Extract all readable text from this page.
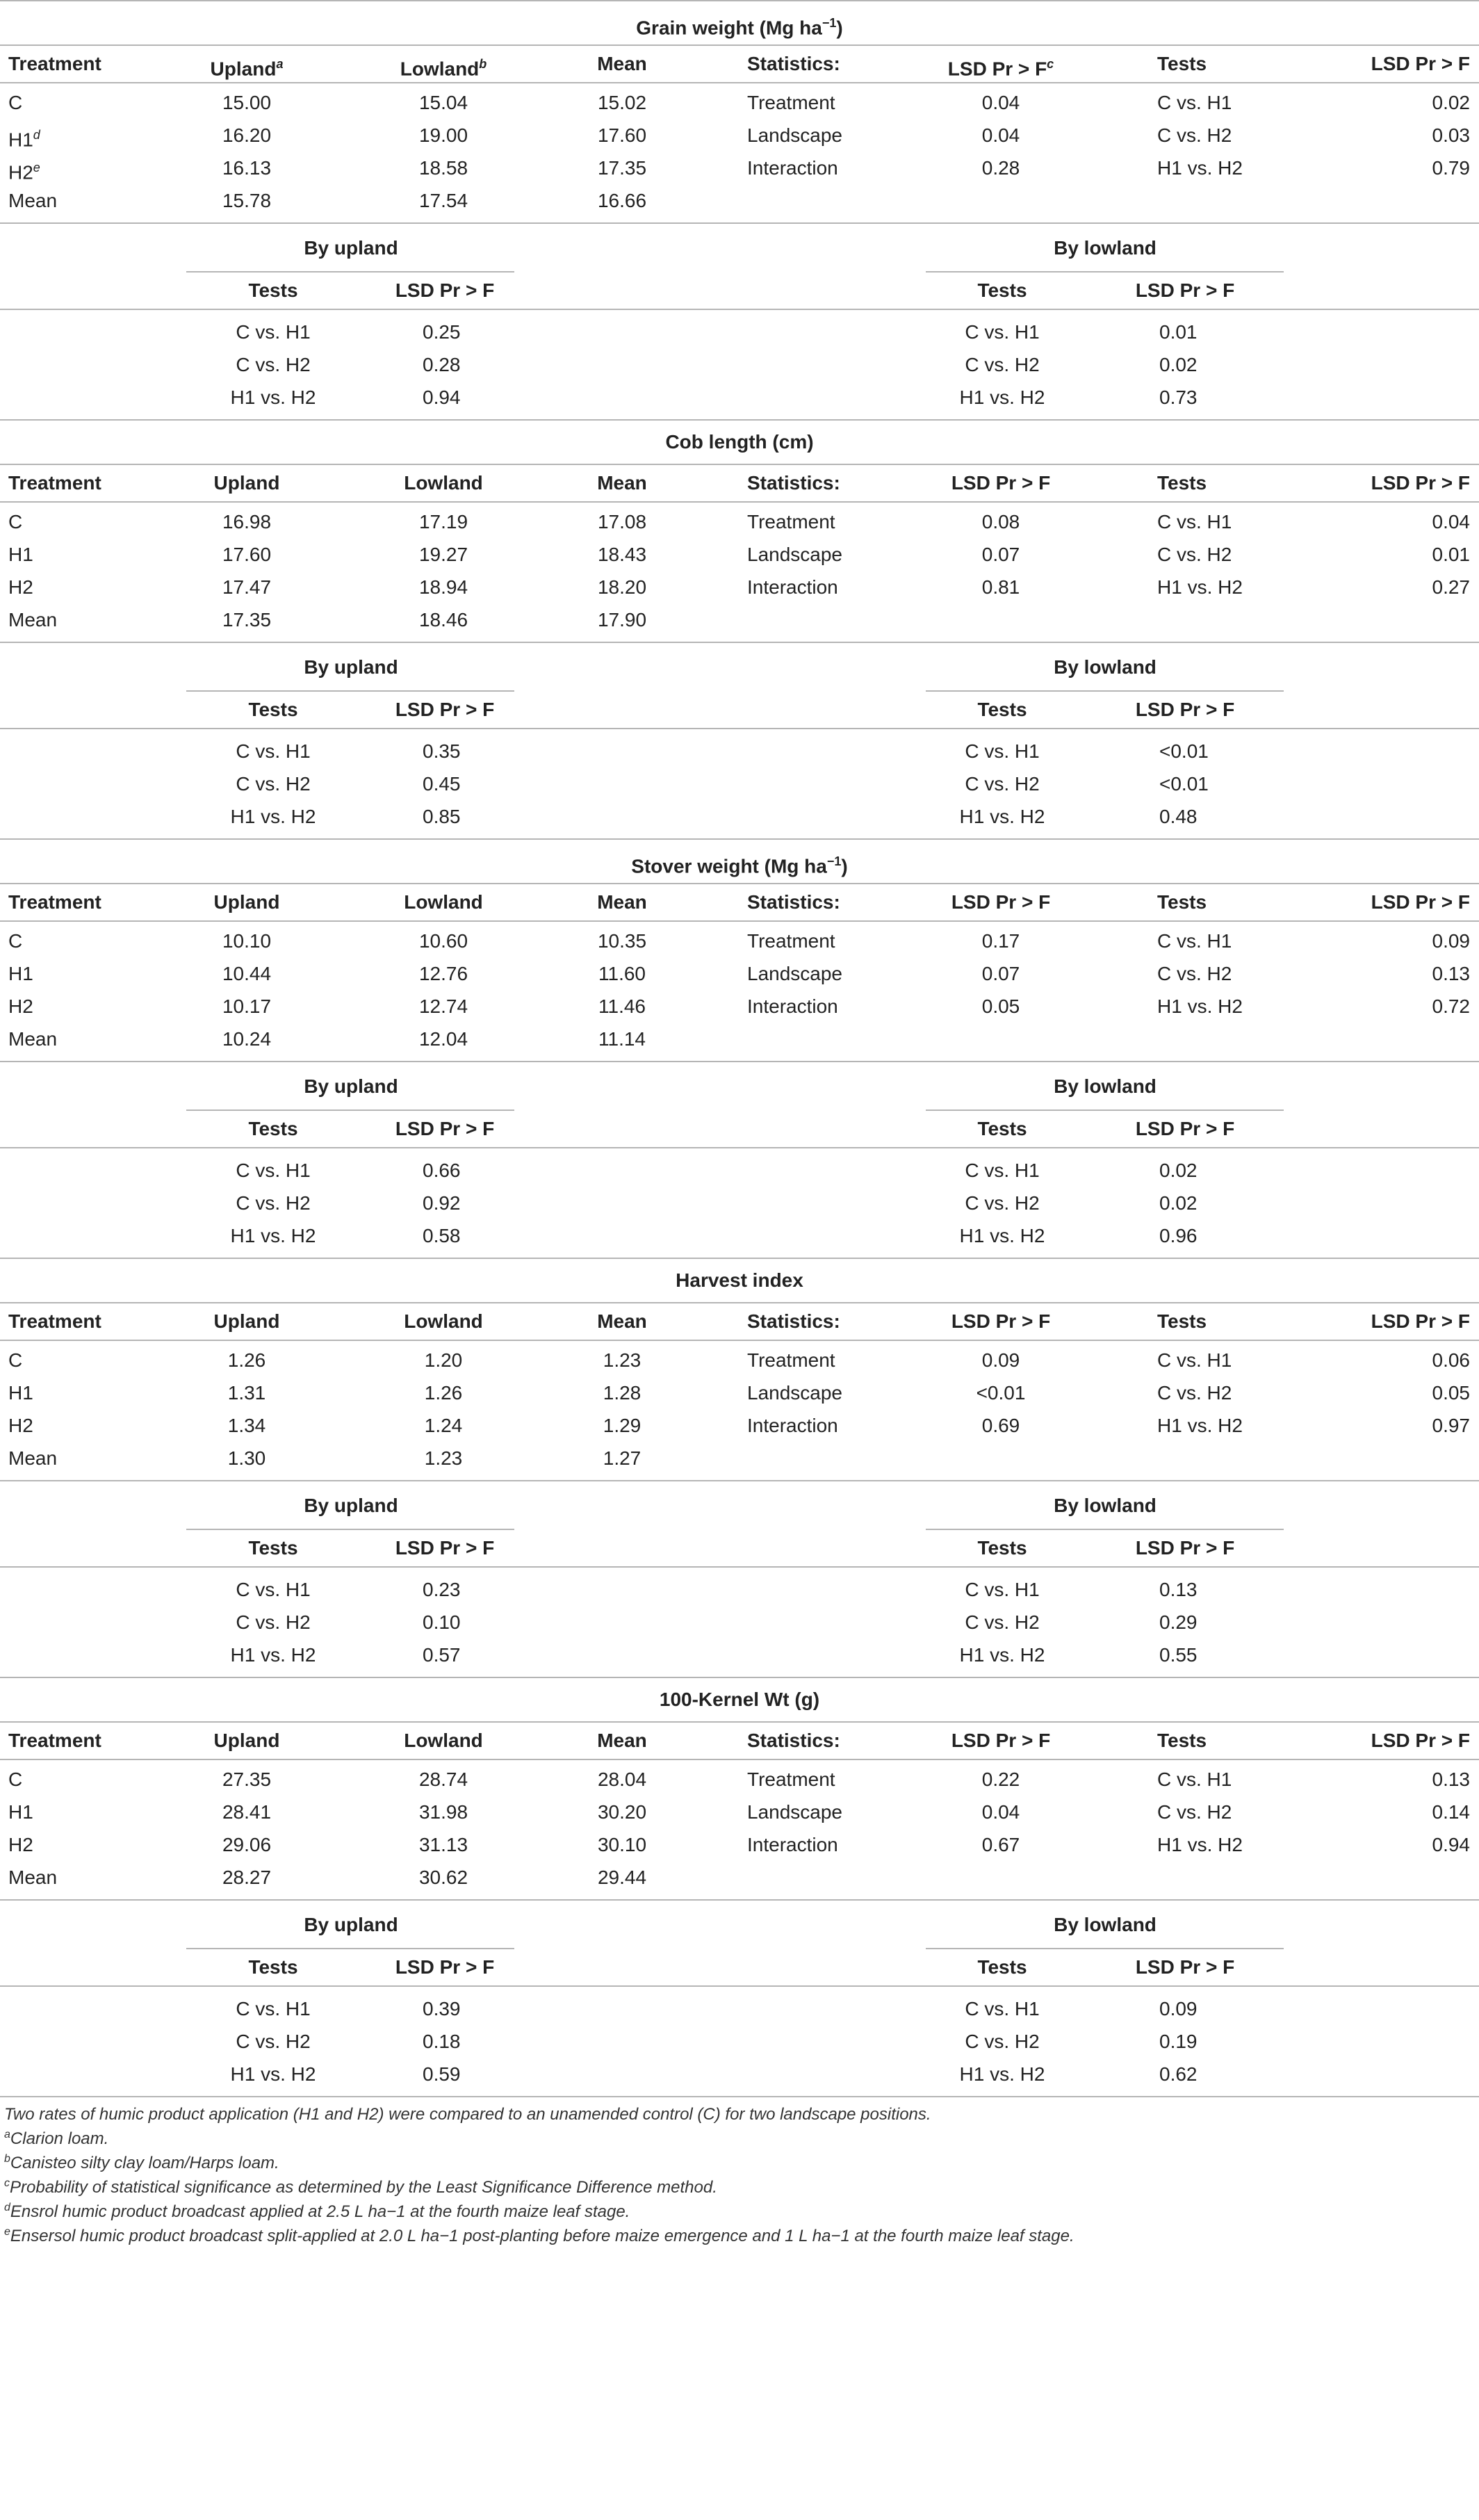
Grain weight (Mg $ha^{-1}$)
Treatment	Upland$^a$	Lowland$^b$	Mean	Statistics:	LSD $Pr > F^c$	Tests	LSD Pr > F
C	15.00	15.04	15.02	Treatment	0.04	C vs. H1	0.02
H1$^d$	16.20	19.00	17.60	Landscape	0.04	C vs. H2	0.03
H2e	16.13	18.58	17.35	Interaction	0.28	H1 vs. H2	0.79
Mean	15.78	17.54	16.66
By upland	By lowland
Tests	LSD Pr > F	Tests	LSD Pr > F
C vs. H1	0.25	C vs. H1	0.01
C vs. H2	0.28	C vs. H2	0.02
H1 vs. H2	0.94	H1 vs. H2	0.73
Cob length (cm)
Treatment	Upland	Lowland	Mean	Statistics:	LSD Pr > F	Tests	LSD Pr > F
C	16.98	17.19	17.08	Treatment	0.08	C vs. H1	0.04
H1	17.60	19.27	18.43	Landscape	0.07	C vs. H2	0.01
H2	17.47	18.94	18.20	Interaction	0.81	H1 vs. H2	0.27
Mean	17.35	18.46	17.90
By upland	By lowland
Tests	LSD Pr > F	Tests	LSD Pr > F
C vs. H1	0.35	C vs. H1	<0.01
C vs. H2	0.45	C vs. H2	<0.01
H1 vs. H2	0.85	H1 vs. H2	0.48
Stover weight (Mg $ha^{-1}$)
Treatment	Upland	Lowland	Mean	Statistics:	LSD Pr > F	Tests	LSD Pr > F
C	10.10	10.60	10.35	Treatment	0.17	C vs. H1	0.09
H1	10.44	12.76	11.60	Landscape	0.07	C vs. H2	0.13
H2	10.17	12.74	11.46	Interaction	0.05	H1 vs. H2	0.72
Mean	10.24	12.04	11.14
By upland	By lowland
Tests	LSD Pr > F	Tests	LSD Pr > F
C vs. H1	0.66	C vs. H1	0.02
C vs. H2	0.92	C vs. H2	0.02
H1 vs. H2	0.58	H1 vs. H2	0.96
Harvest index
Treatment	Upland	Lowland	Mean	Statistics:	LSD Pr > F	Tests	LSD Pr > F
C	1.26	1.20	1.23	Treatment	0.09	C vs. H1	0.06
H1	1.31	1.26	1.28	Landscape	<0.01	C vs. H2	0.05
H2	1.34	1.24	1.29	Interaction	0.69	H1 vs. H2	0.97
Mean	1.30	1.23	1.27
By upland	By lowland
Tests	LSD Pr > F	Tests	LSD Pr > F
C vs. H1	0.23	C vs. H1	0.13
C vs. H2	0.10	C vs. H2	0.29
H1 vs. H2	0.57	H1 vs. H2	0.55
100-Kernel Wt (g)
Treatment	Upland	Lowland	Mean	Statistics:	LSD Pr > F	Tests	LSD Pr > F
C	27.35	28.74	28.04	Treatment	0.22	C vs. H1	0.13
H1	28.41	31.98	30.20	Landscape	0.04	C vs. H2	0.14
H2	29.06	31.13	30.10	Interaction	0.67	H1 vs. H2	0.94
Mean	28.27	30.62	29.44
By upland	By lowland
Tests	LSD Pr > F	Tests	LSD Pr > F
C vs. H1	0.39	C vs. H1	0.09
C vs. H2	0.18	C vs. H2	0.19
H1 vs. H2	0.59	H1 vs. H2	0.62
Two rates of humic product application (H1 and H2) were compared to an unamended control (C) for two landscape positions.
$^a$Clarion loam.
$^b$Canisteo silty clay loam/Harps loam.
$^c$Probability of statistical significance as determined by the Least Significance Difference method.
$^d$Ensrol humic product broadcast applied at 2.5 L ha−1 at the fourth maize leaf stage.
$^e$Ensersol humic product broadcast split-applied at 2.0 L ha−1 post-planting before maize emergence and 1 L ha−1 at the fourth maize leaf stage.
